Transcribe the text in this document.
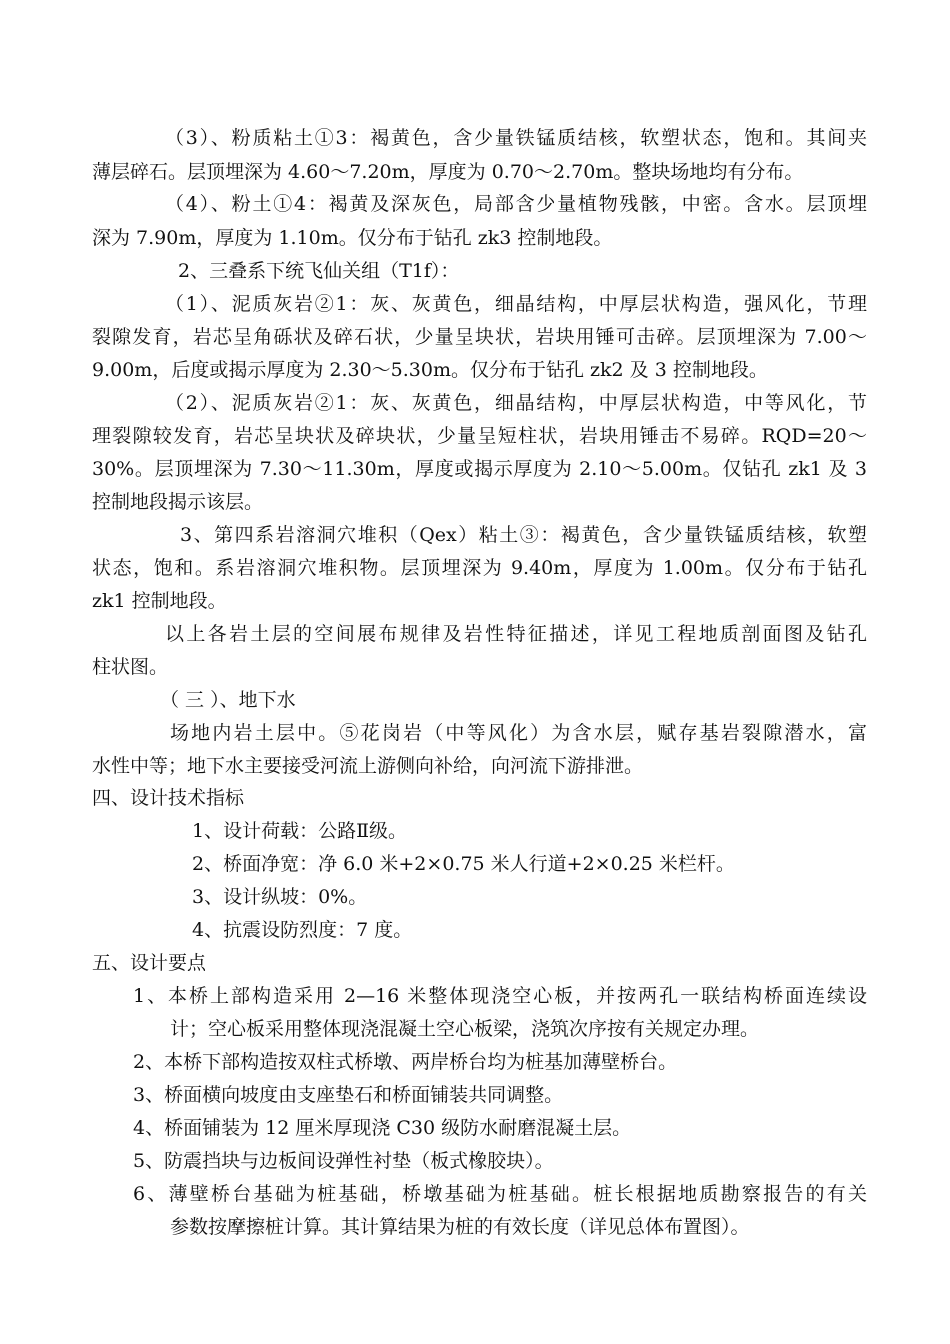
（3）、粉质粘土①3：褐黄色，含少量铁锰质结核，软塑状态，饱和。其间夹
薄层碎石。层顶埋深为 4.60～7.20m，厚度为 0.70～2.70m。整块场地均有分布。
（4）、粉土①4：褐黄及深灰色，局部含少量植物残骸，中密。含水。层顶埋
深为 7.90m，厚度为 1.10m。仅分布于钻孔 zk3 控制地段。
2、三叠系下统飞仙关组（T1f）：
（1）、泥质灰岩②1：灰、灰黄色，细晶结构，中厚层状构造，强风化，节理
裂隙发育，岩芯呈角砾状及碎石状，少量呈块状，岩块用锤可击碎。层顶埋深为 7.00～
9.00m，后度或揭示厚度为 2.30～5.30m。仅分布于钻孔 zk2 及 3 控制地段。
（2）、泥质灰岩②1：灰、灰黄色，细晶结构，中厚层状构造，中等风化，节
理裂隙较发育，岩芯呈块状及碎块状，少量呈短柱状，岩块用锤击不易碎。RQD=20～
30%。层顶埋深为 7.30～11.30m，厚度或揭示厚度为 2.10～5.00m。仅钻孔 zk1 及 3
控制地段揭示该层。
3、第四系岩溶洞穴堆积（Qex）粘土③：褐黄色，含少量铁锰质结核，软塑
状态，饱和。系岩溶洞穴堆积物。层顶埋深为 9.40m，厚度为 1.00m。仅分布于钻孔
zk1 控制地段。
以上各岩土层的空间展布规律及岩性特征描述，详见工程地质剖面图及钻孔
柱状图。
（ 三 ）、地下水
场地内岩土层中。⑤花岗岩（中等风化）为含水层，赋存基岩裂隙潜水，富
水性中等；地下水主要接受河流上游侧向补给，向河流下游排泄。
四、设计技术指标
1、设计荷载：公路Ⅱ级。
2、桥面净宽：净 6.0 米+2×0.75 米人行道+2×0.25 米栏杆。
3、设计纵坡：0%。
4、抗震设防烈度：7 度。
五、设计要点
1、本桥上部构造采用 2—16 米整体现浇空心板，并按两孔一联结构桥面连续设
计；空心板采用整体现浇混凝土空心板梁，浇筑次序按有关规定办理。
2、本桥下部构造按双柱式桥墩、两岸桥台均为桩基加薄壁桥台。
3、桥面横向坡度由支座垫石和桥面铺装共同调整。
4、桥面铺装为 12 厘米厚现浇 C30 级防水耐磨混凝土层。
5、防震挡块与边板间设弹性衬垫（板式橡胶块）。
6、薄壁桥台基础为桩基础，桥墩基础为桩基础。桩长根据地质勘察报告的有关
参数按摩擦桩计算。其计算结果为桩的有效长度（详见总体布置图）。
